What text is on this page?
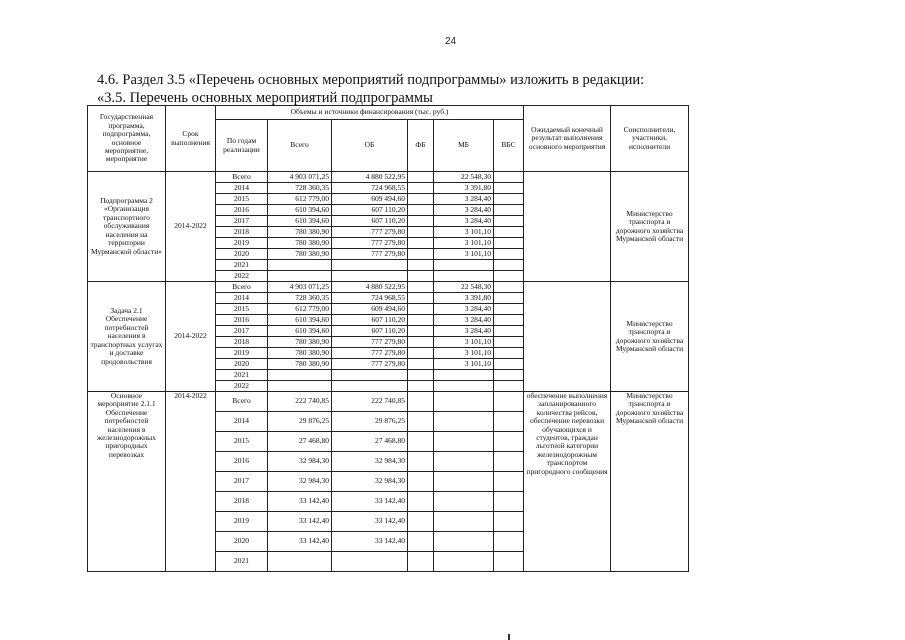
24
4.6. Раздел 3.5 «Перечень основных мероприятий подпрограммы» изложить в редакции:
«3.5. Перечень основных мероприятий подпрограммы
Государственная программа, подпрограмма, основное мероприятие, мероприятие	Срок выполнения	Объемы и источники финансирования (тыс. руб.)						Ожидаемый конечный результат выполнения основного мероприятия	Соисполнители, участники, исполнители
		По годам реализации	Всего	ОБ	ФБ	МБ	ВБС		
Подпрограмма 2 «Организация транспортного обслуживания населения на территории Мурманской области»	2014-2022	Всего	4 903 071,25	4 880 522,95		22 548,30			Министерство транспорта и дорожного хозяйства Мурманской области
		2014	728 360,35	724 968,55		3 391,80			
		2015	612 779,00	609 494,60		3 284,40			
		2016	610 394,60	607 110,20		3 284,40			
		2017	610 394,60	607 110,20		3 284,40			
		2018	780 380,90	777 279,80		3 101,10			
		2019	780 380,90	777 279,80		3 101,10			
		2020	780 380,90	777 279,80		3 101,10			
		2021							
		2022							
Задача 2.1 Обеспечение потребностей населения в транспортных услугах и доставке продовольствия	2014-2022	Всего	4 903 071,25	4 880 522,95		22 548,30			Министерство транспорта и дорожного хозяйства Мурманской области
		2014	728 360,35	724 968,55		3 391,80			
		2015	612 779,00	609 494,60		3 284,40			
		2016	610 394,60	607 110,20		3 284,40			
		2017	610 394,60	607 110,20		3 284,40			
		2018	780 380,90	777 279,80		3 101,10			
		2019	780 380,90	777 279,80		3 101,10			
		2020	780 380,90	777 279,80		3 101,10			
		2021							
		2022							
Основное мероприятие 2.1.1 Обеспечение потребностей населения в железнодорожных пригородных перевозках	2014-2022	Всего	222 740,85	222 740,85				обеспечение выполнения запланированного количества рейсов, обеспечение перевозки обучающихся и студентов, граждан льготной категории железнодорожным транспортом пригородного сообщения	Министерство транспорта и дорожного хозяйства Мурманской области
		2014	29 876,25	29 876,25					
		2015	27 468,80	27 468,80					
		2016	32 984,30	32 984,30					
		2017	32 984,30	32 984,30					
		2018	33 142,40	33 142,40					
		2019	33 142,40	33 142,40					
		2020	33 142,40	33 142,40					
		2021							
